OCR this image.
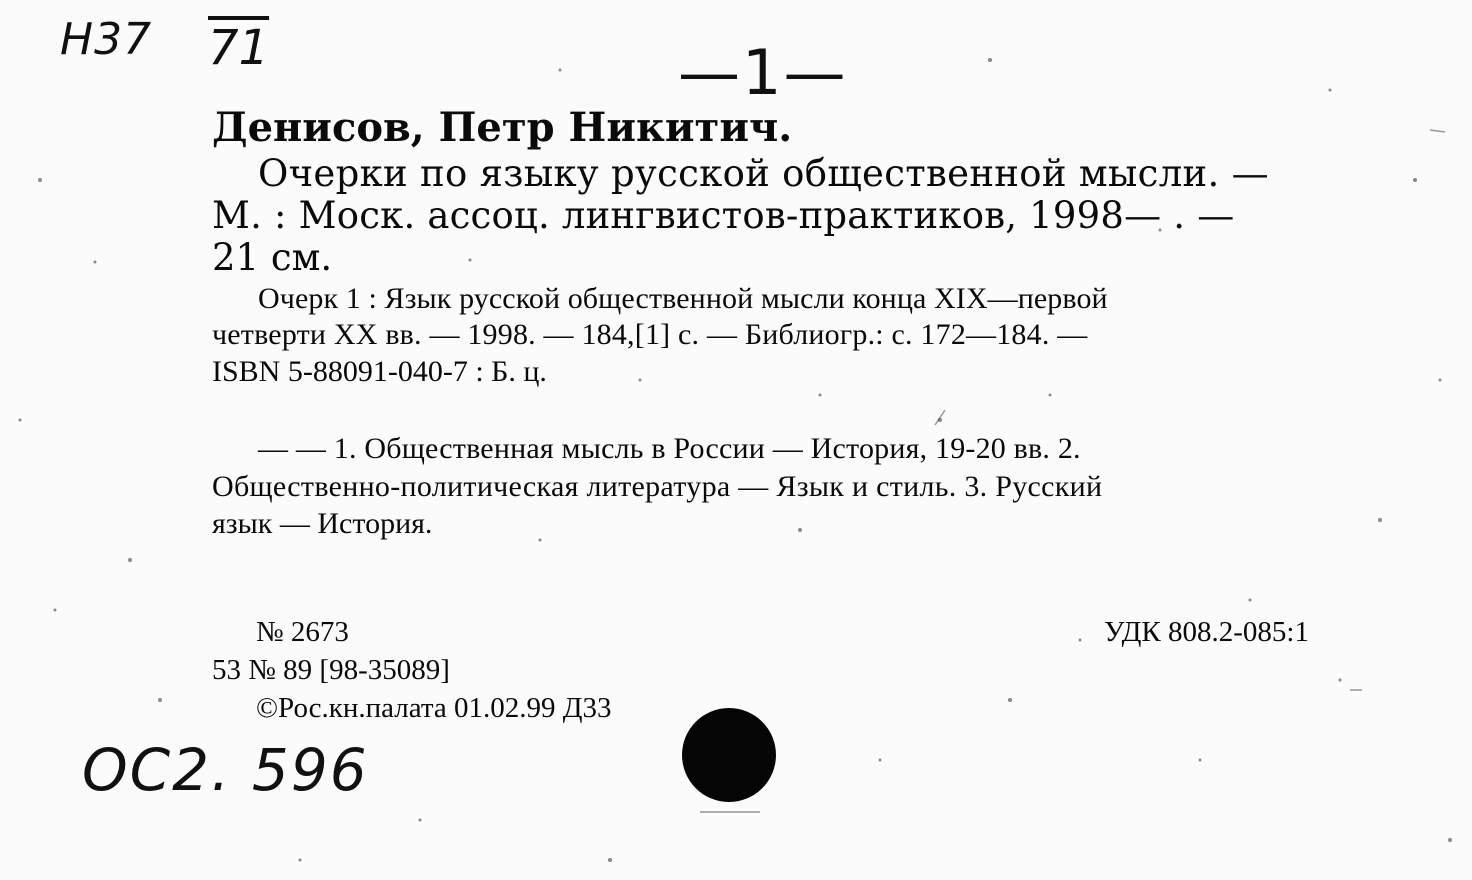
Н37 71	—1—
Денисов, Петр Никитич.
Очерки по языку русской общественной мысли. —
М. : Моск. ассоц. лингвистов-практиков, 1998— . —
21 см.
Очерк 1 : Язык русской общественной мысли конца XIX—первой
четверти XX вв. — 1998. — 184,[1] с. — Библиогр.: с. 172—184. —
ISBN 5-88091-040-7 : Б. ц.
— — 1. Общественная мысль в России — История, 19-20 вв. 2.
Общественно-политическая литература — Язык и стиль. 3. Русский
язык — История.
№ 2673	УДК 808.2-085:1
53 № 89 [98-35089]
©Рос.кн.палата 01.02.99 Д33
ОС2. 596
